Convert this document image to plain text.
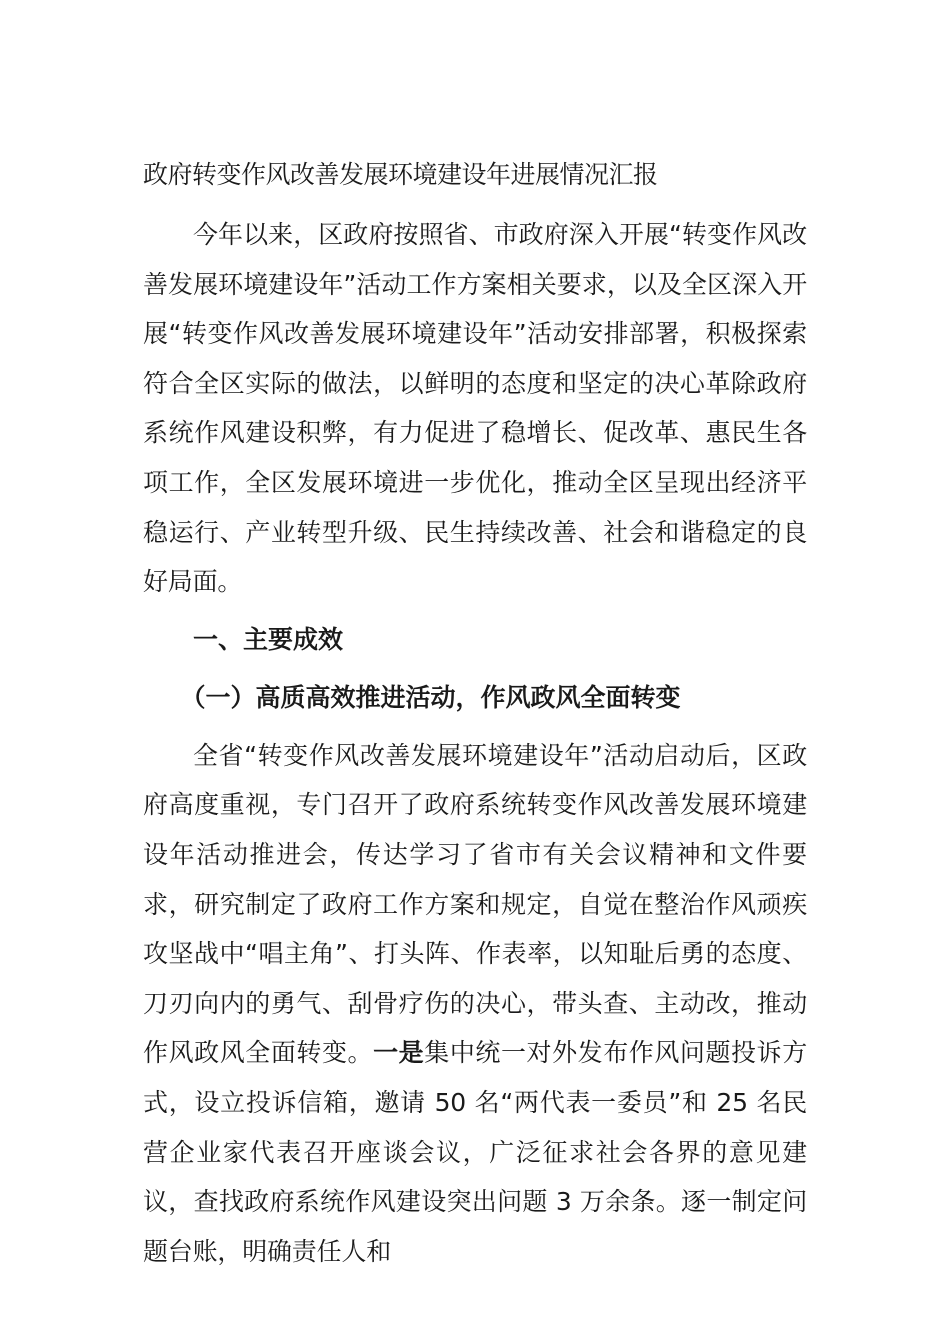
政府转变作风改善发展环境建设年进展情况汇报

今年以来，区政府按照省、市政府深入开展“转变作风改善发展环境建设年”活动工作方案相关要求，以及全区深入开展“转变作风改善发展环境建设年”活动安排部署，积极探索符合全区实际的做法，以鲜明的态度和坚定的决心革除政府系统作风建设积弊，有力促进了稳增长、促改革、惠民生各项工作，全区发展环境进一步优化，推动全区呈现出经济平稳运行、产业转型升级、民生持续改善、社会和谐稳定的良好局面。

一、主要成效
（一）高质高效推进活动，作风政风全面转变

全省“转变作风改善发展环境建设年”活动启动后，区政府高度重视，专门召开了政府系统转变作风改善发展环境建设年活动推进会，传达学习了省市有关会议精神和文件要求，研究制定了政府工作方案和规定，自觉在整治作风顽疾攻坚战中“唱主角”、打头阵、作表率，以知耻后勇的态度、刀刃向内的勇气、刮骨疗伤的决心，带头查、主动改，推动作风政风全面转变。一是集中统一对外发布作风问题投诉方式，设立投诉信箱，邀请 50 名“两代表一委员”和 25 名民营企业家代表召开座谈会议，广泛征求社会各界的意见建议，查找政府系统作风建设突出问题 3 万余条。逐一制定问题台账，明确责任人和
